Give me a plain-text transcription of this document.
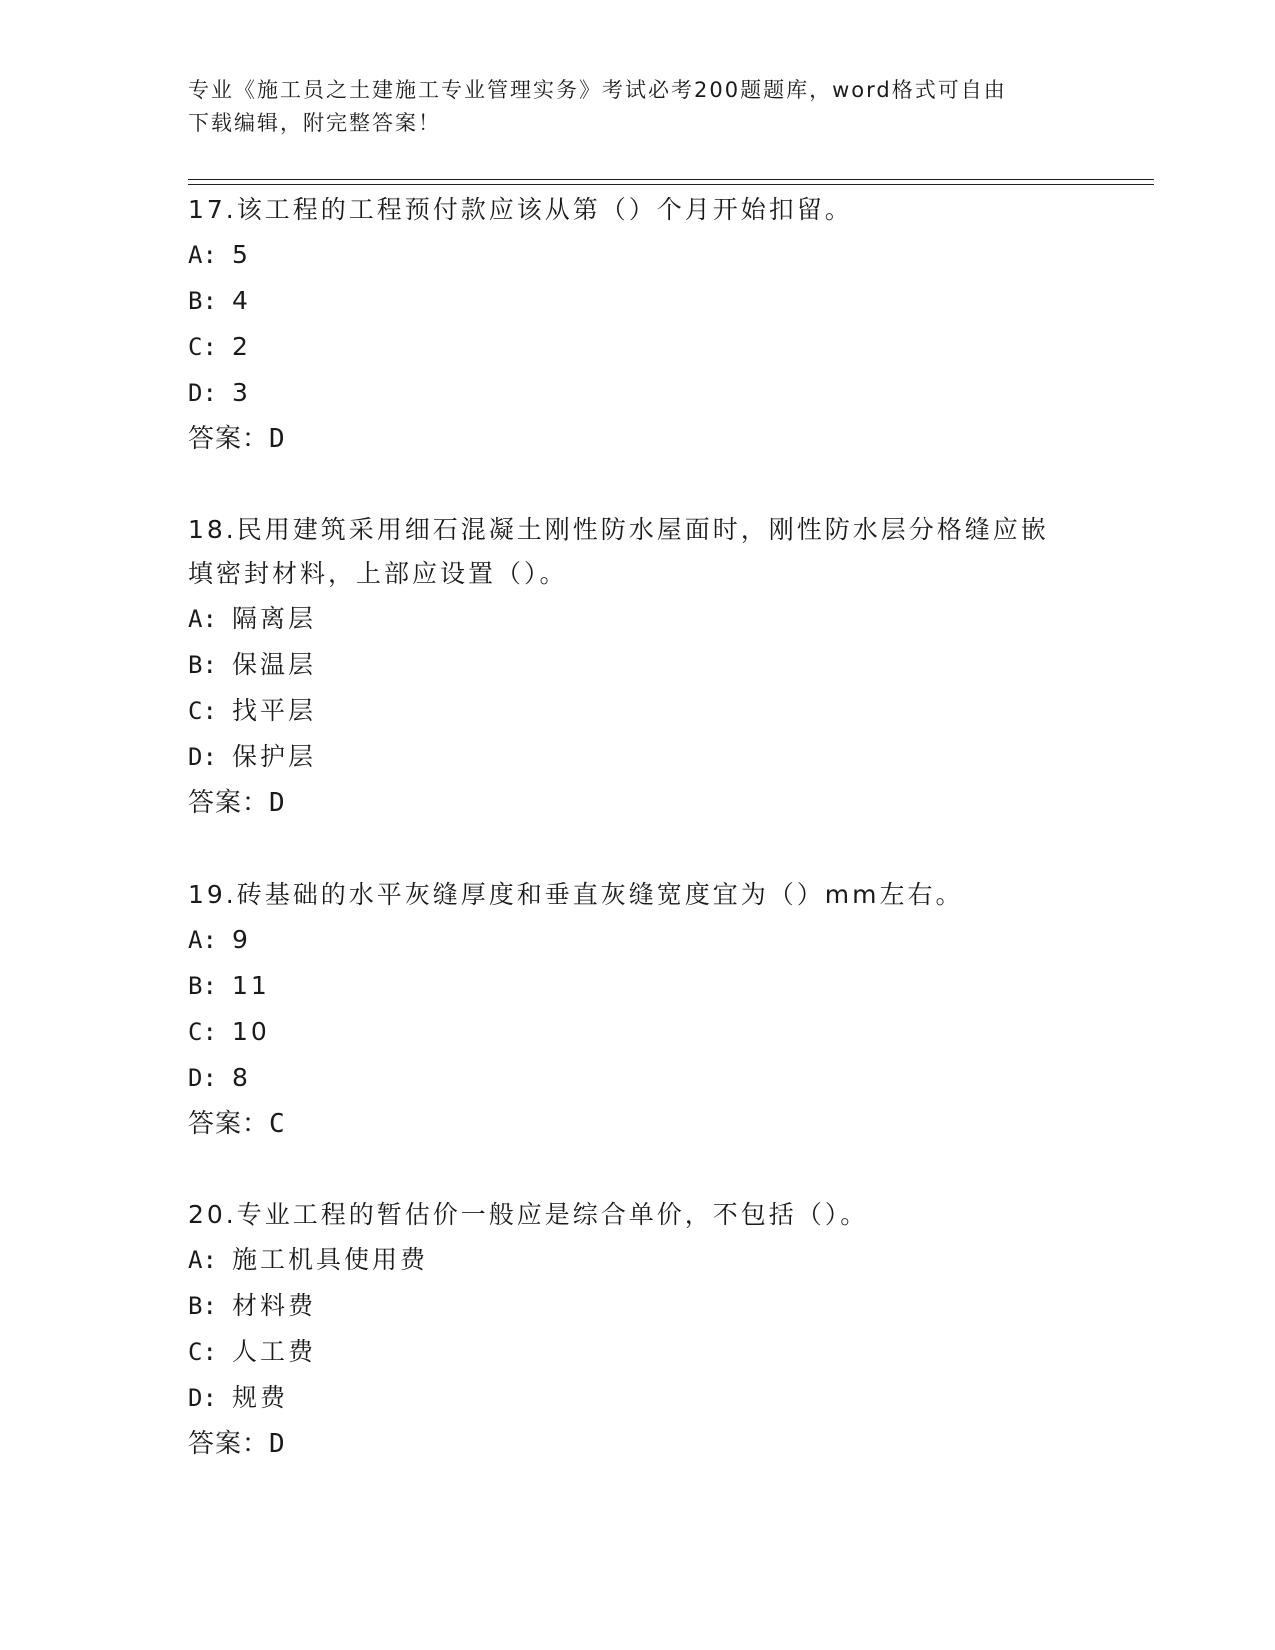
专业《施工员之土建施工专业管理实务》考试必考200题题库，word格式可自由
下载编辑，附完整答案！

17.该工程的工程预付款应该从第（）个月开始扣留。

A: 5
B: 4
C: 2
D: 3

答案：D

18.民用建筑采用细石混凝土刚性防水屋面时，刚性防水层分格缝应嵌

填密封材料，上部应设置（）。

A: 隔离层
B: 保温层
C: 找平层
D: 保护层

答案：D

19.砖基础的水平灰缝厚度和垂直灰缝宽度宜为（）mm左右。

A: 9
B: 11
C: 10
D: 8

答案：C

20.专业工程的暂估价一般应是综合单价，不包括（）。

A: 施工机具使用费
B: 材料费
C: 人工费
D: 规费

答案：D
